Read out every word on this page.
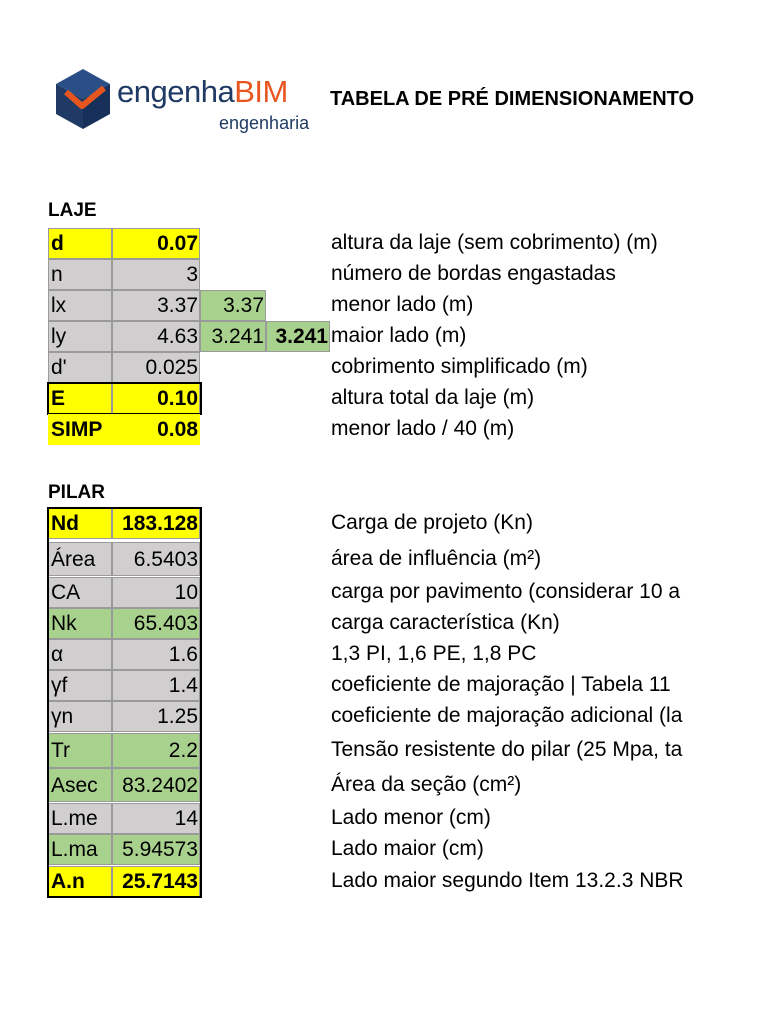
engenhaBIM
engenharia
TABELA DE PRÉ DIMENSIONAMENTO
LAJE
d	0.07	altura da laje (sem cobrimento) (m)
n	3	número de bordas engastadas
lx	3.37	3.37	menor lado (m)
ly	4.63 3.241 3.241 maior lado (m)
d'	0.025	cobrimento simplificado (m)
E	0.10	altura total da laje (m)
SIMP	0.08	menor lado / 40 (m)
PILAR
Nd	183.128	Carga de projeto (Kn)
Área	6.5403	área de influência (m²)
CA	10	carga por pavimento (considerar 10 a
Nk	65.403	carga característica (Kn)
α	1.6	1,3 PI, 1,6 PE, 1,8 PC
γf	1.4	coeficiente de majoração | Tabela 11
γn	1.25	coeficiente de majoração adicional (la
Tr	2.2	Tensão resistente do pilar (25 Mpa, ta
Asec	83.2402	Área da seção (cm²)
L.me	14	Lado menor (cm)
L.ma	5.94573	Lado maior (cm)
A.n	25.7143	Lado maior segundo Item 13.2.3 NBR
